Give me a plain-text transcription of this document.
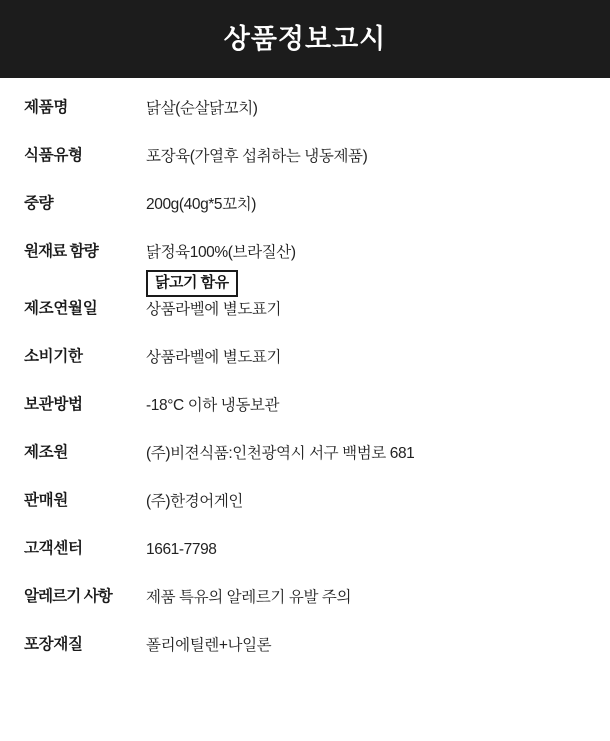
상품정보고시
제품명	닭살(순살닭꼬치)
식품유형	포장육(가열후 섭취하는 냉동제품)
중량	200g(40g*5꼬치)
원재료 함량	닭정육100%(브라질산)
닭고기 함유
제조연월일	상품라벨에 별도표기
소비기한	상품라벨에 별도표기
보관방법	-18°C 이하 냉동보관
제조원	(주)비젼식품:인천광역시 서구 백범로 681
판매원	(주)한경어게인
고객센터	1661-7798
알레르기 사항	제품 특유의 알레르기 유발 주의
포장재질	폴리에틸렌+나일론
